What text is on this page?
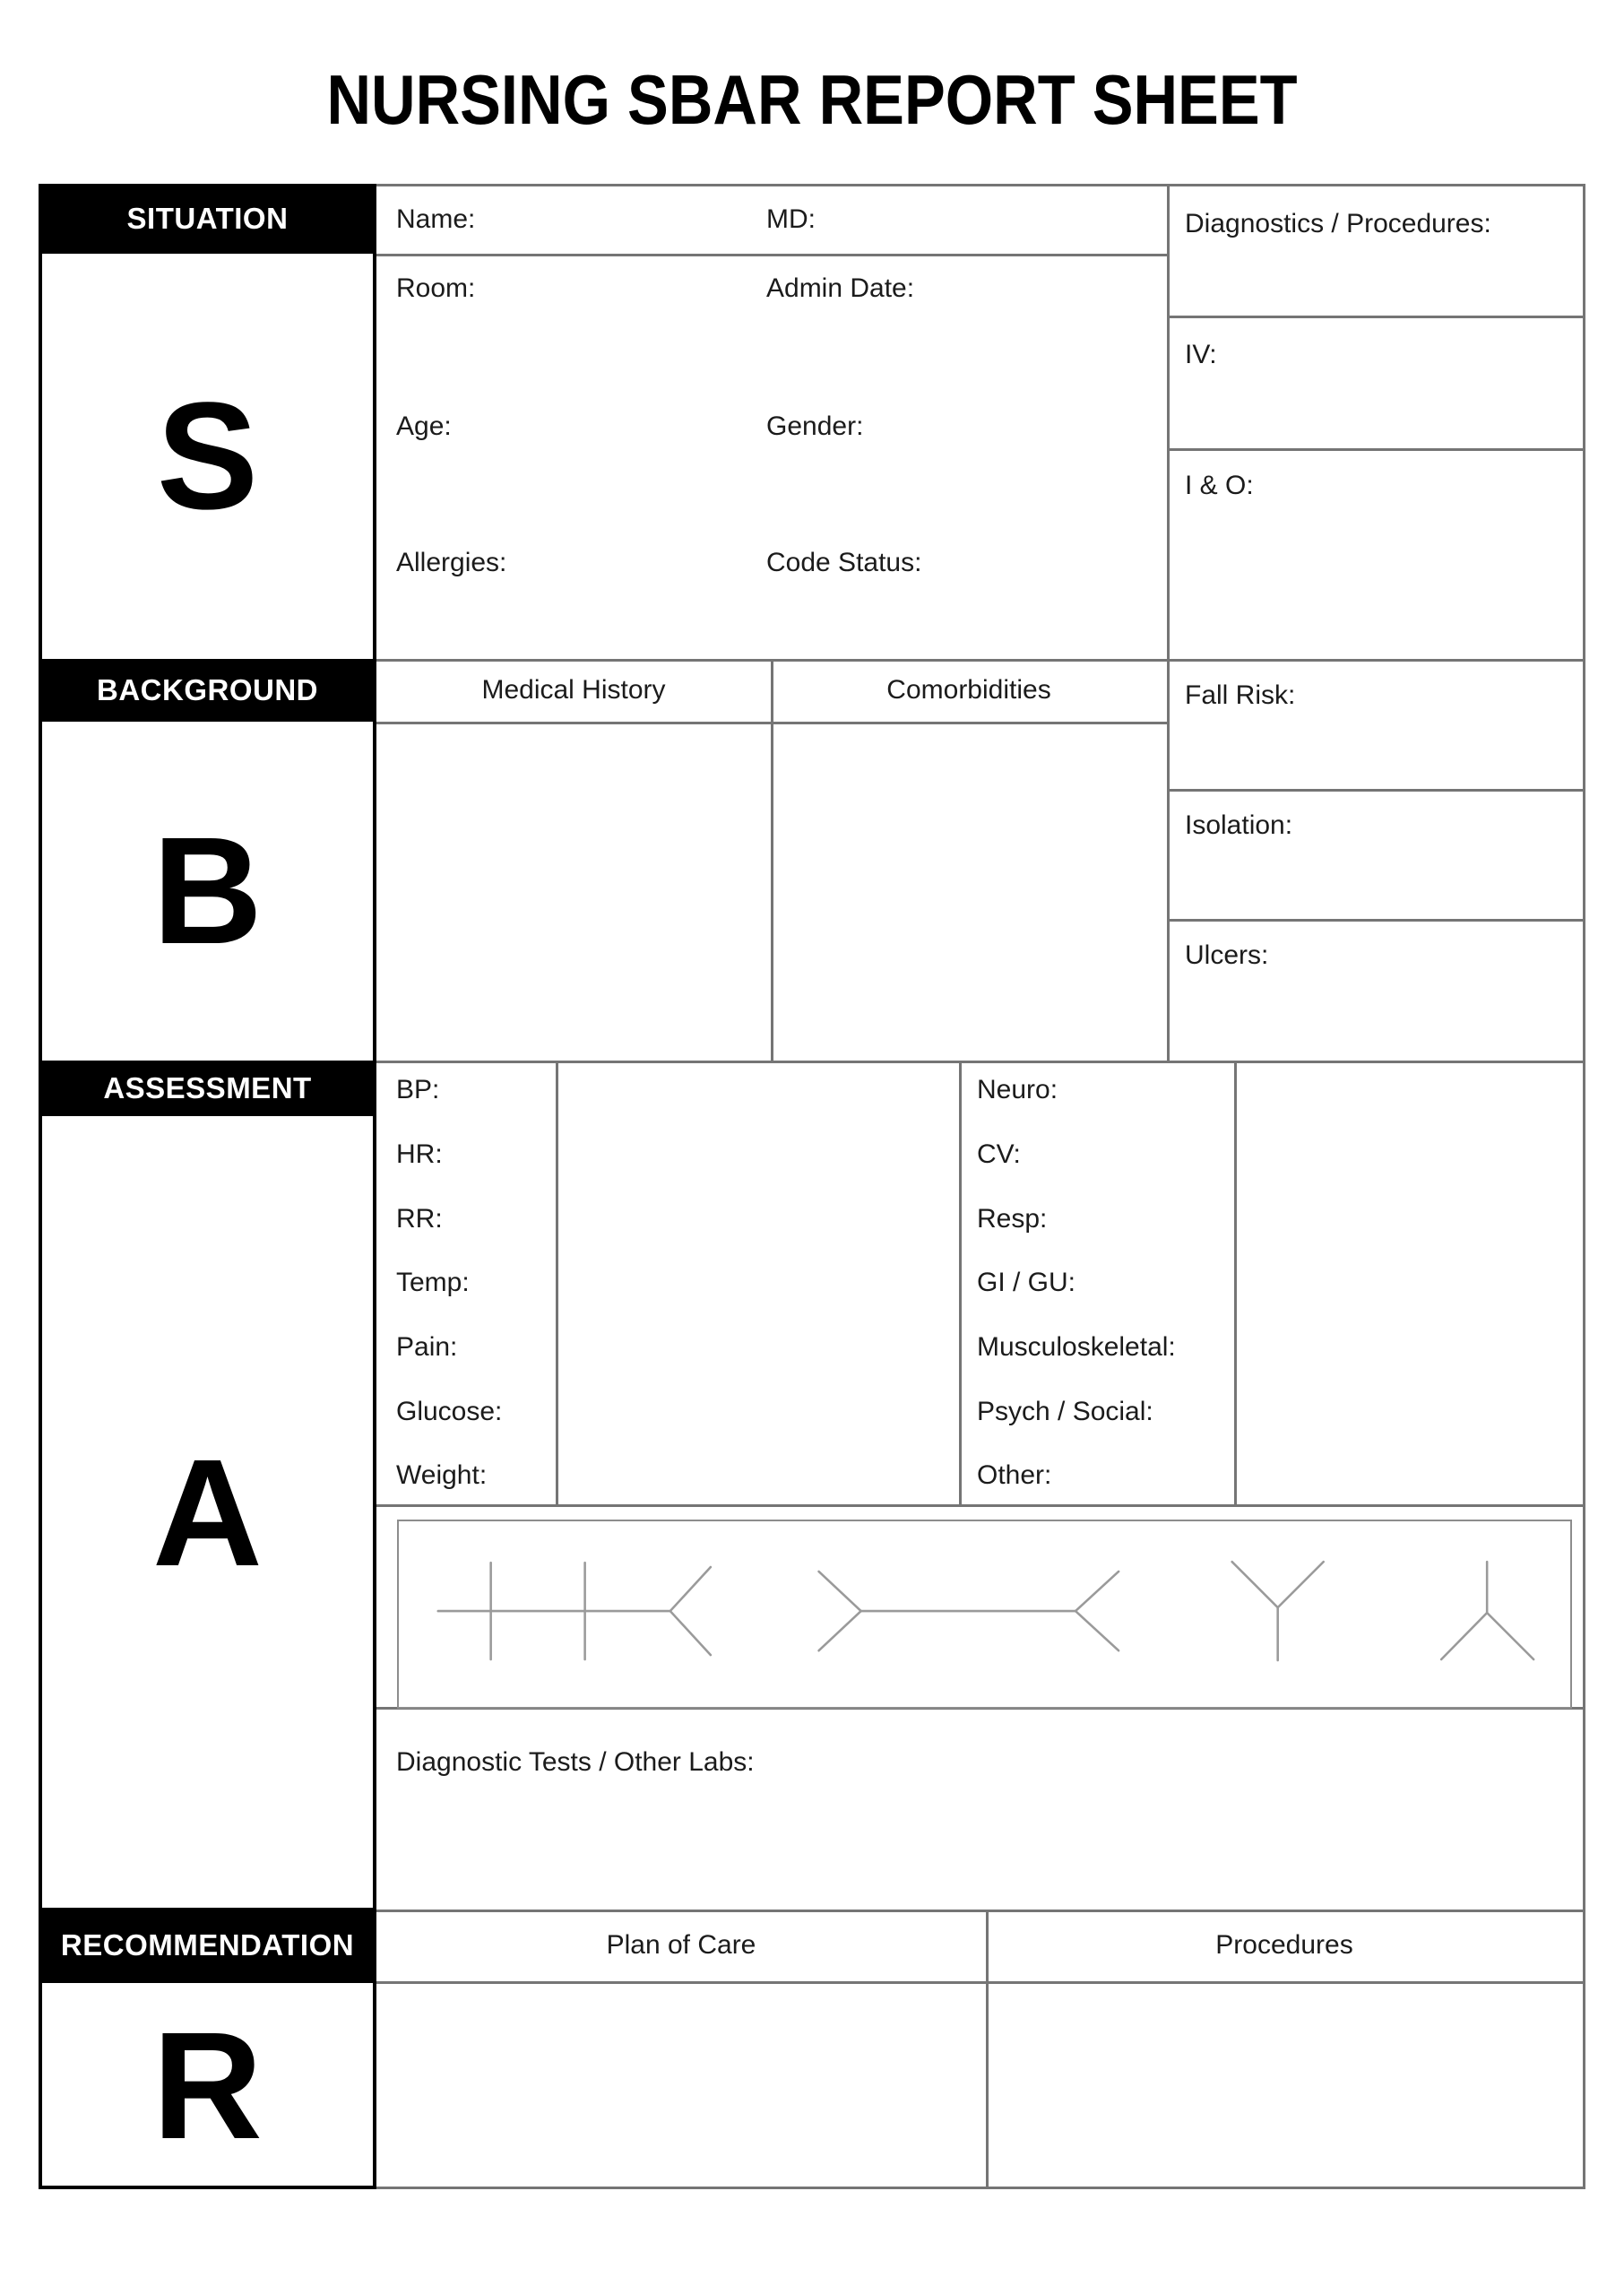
NURSING SBAR REPORT SHEET
Name:	MD:
Room:	Admin Date:
Age:	Gender:
Allergies:	Code Status:
Diagnostics / Procedures:
IV:
I & O:
Medical History	Comorbidities	Fall Risk:
Isolation:
Ulcers:
BP:
HR:
RR:
Temp:
Pain:
Glucose:
Weight:
Neuro:
CV:
Resp:
GI / GU:
Musculoskeletal:
Psych / Social:
Other:
Diagnostic Tests / Other Labs:
Plan of Care	Procedures
SITUATION
BACKGROUND
ASSESSMENT
RECOMMENDATION
S
B
A
R
